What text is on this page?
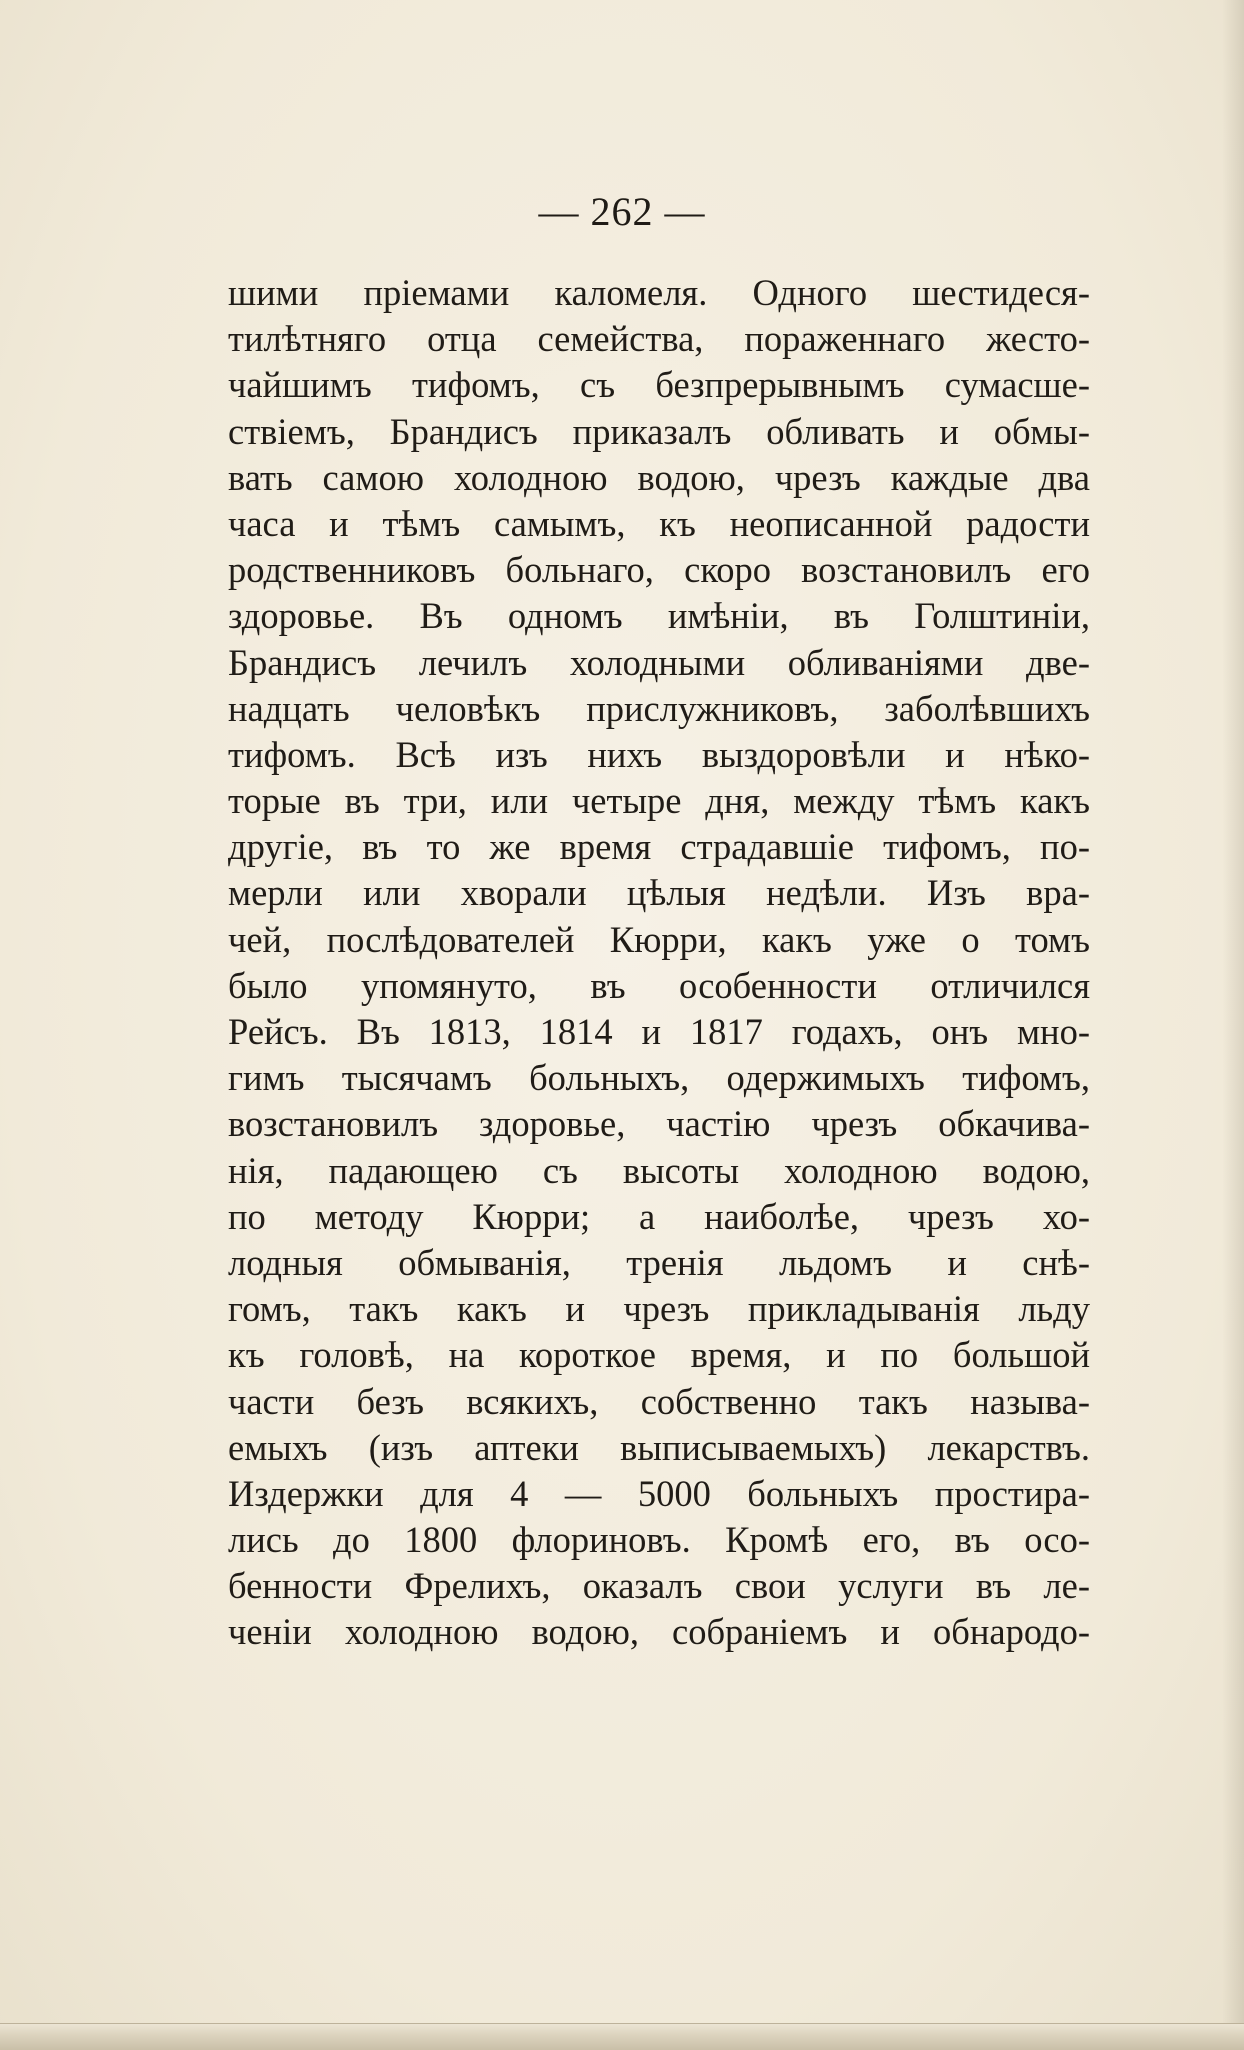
— 262 —
шими пріемами каломеля. Одного шестидеся-
тилѣтняго отца семейства, пораженнаго жесто-
чайшимъ тифомъ, съ безпрерывнымъ сумасше-
ствіемъ, Брандисъ приказалъ обливать и обмы-
вать самою холодною водою, чрезъ каждые два
часа и тѣмъ самымъ, къ неописанной радости
родственниковъ больнаго, скоро возстановилъ его
здоровье. Въ одномъ имѣніи, въ Голштиніи,
Брандисъ лечилъ холодными обливаніями две-
надцать человѣкъ прислужниковъ, заболѣвшихъ
тифомъ. Всѣ изъ нихъ выздоровѣли и нѣко-
торые въ три, или четыре дня, между тѣмъ какъ
другіе, въ то же время страдавшіе тифомъ, по-
мерли или хворали цѣлыя недѣли. Изъ вра-
чей, послѣдователей Кюрри, какъ уже о томъ
было упомянуто, въ особенности отличился
Рейсъ. Въ 1813, 1814 и 1817 годахъ, онъ мно-
гимъ тысячамъ больныхъ, одержимыхъ тифомъ,
возстановилъ здоровье, частію чрезъ обкачива-
нія, падающею съ высоты холодною водою,
по методу Кюрри; а наиболѣе, чрезъ хо-
лодныя обмыванія, тренія льдомъ и снѣ-
гомъ, такъ какъ и чрезъ прикладыванія льду
къ головѣ, на короткое время, и по большой
части безъ всякихъ, собственно такъ называ-
емыхъ (изъ аптеки выписываемыхъ) лекарствъ.
Издержки для 4 — 5000 больныхъ простира-
лись до 1800 флориновъ. Кромѣ его, въ осо-
бенности Фрелихъ, оказалъ свои услуги въ ле-
ченіи холодною водою, собраніемъ и обнародо-
